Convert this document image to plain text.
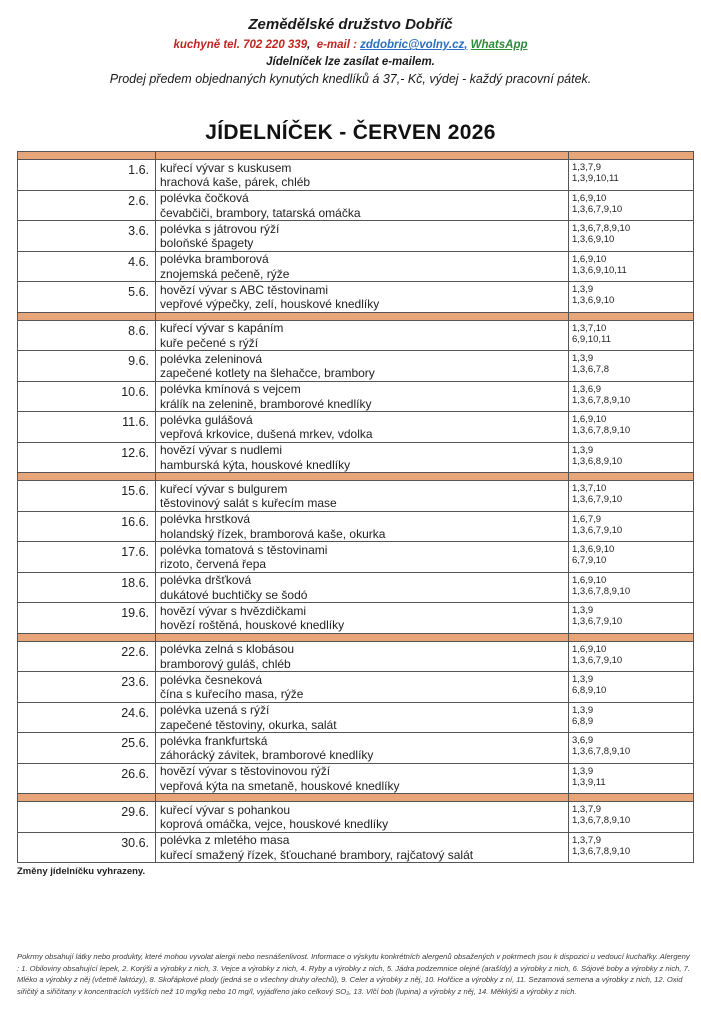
Zemědělské družstvo Dobříč
kuchyně tel. 702 220 339,  e-mail : zddobric@volny.cz, WhatsApp
Jídelníček lze zasílat e-mailem.
Prodej předem objednaných kynutých knedlíků á 37,- Kč, výdej - každý pracovní pátek.
JÍDELNÍČEK - ČERVEN 2026

1.6.	kuřecí vývar s kuskusem
hrachová kaše, párek, chléb	1,3,7,9
1,3,9,10,11

2.6.	polévka čočková
čevabčiči, brambory, tatarská omáčka	1,6,9,10
1,3,6,7,9,10

3.6.	polévka s játrovou rýží
boloňské špagety	1,3,6,7,8,9,10
1,3,6,9,10

4.6.	polévka bramborová
znojemská pečeně, rýže	1,6,9,10
1,3,6,9,10,11

5.6.	hovězí vývar s ABC těstovinami
vepřové výpečky, zelí, houskové knedlíky	1,3,9
1,3,6,9,10

8.6.	kuřecí vývar s kapáním
kuře pečené s rýží	1,3,7,10
6,9,10,11

9.6.	polévka zeleninová
zapečené kotlety na šlehačce, brambory	1,3,9
1,3,6,7,8

10.6.	polévka kmínová s vejcem
králík na zelenině, bramborové knedlíky	1,3,6,9
1,3,6,7,8,9,10

11.6.	polévka gulášová
vepřová krkovice, dušená mrkev, vdolka	1,6,9,10
1,3,6,7,8,9,10

12.6.	hovězí vývar s nudlemi
hamburská kýta, houskové knedlíky	1,3,9
1,3,6,8,9,10

15.6.	kuřecí vývar s bulgurem
těstovinový salát s kuřecím mase	1,3,7,10
1,3,6,7,9,10

16.6.	polévka hrstková
holandský řízek, bramborová kaše, okurka	1,6,7,9
1,3,6,7,9,10

17.6.	polévka tomatová s těstovinami
rizoto, červená řepa	1,3,6,9,10
6,7,9,10

18.6.	polévka dršťková
dukátové buchtičky se šodó	1,6,9,10
1,3,6,7,8,9,10

19.6.	hovězí vývar s hvězdičkami
hovězí roštěná, houskové knedlíky	1,3,9
1,3,6,7,9,10

22.6.	polévka zelná s klobásou
bramborový guláš, chléb	1,6,9,10
1,3,6,7,9,10

23.6.	polévka česneková
čína s kuřecího masa, rýže	1,3,9
6,8,9,10

24.6.	polévka uzená s rýží
zapečené těstoviny, okurka, salát	1,3,9
6,8,9

25.6.	polévka frankfurtská
záhorácký závitek, bramborové knedlíky	3,6,9
1,3,6,7,8,9,10

26.6.	hovězí vývar s těstovinovou rýží
vepřová kýta na smetaně, houskové knedlíky	1,3,9
1,3,9,11

29.6.	kuřecí vývar s pohankou
koprová omáčka, vejce, houskové knedlíky	1,3,7,9
1,3,6,7,8,9,10

30.6.	polévka z mletého masa
kuřecí smažený řízek, šťouchané brambory, rajčatový salát	1,3,7,9
1,3,6,7,8,9,10
Změny jídelníčku vyhrazeny.
Pokrmy obsahují látky nebo produkty, které mohou vyvolat alergii nebo nesnášenlivost. Informace o výskytu konkrétních alergenů obsažených v pokrmech jsou k dispozici u vedoucí kuchařky. Alergeny : 1. Obiloviny obsahující lepek, 2. Korýši a výrobky z nich, 3. Vejce a výrobky z nich, 4. Ryby a výrobky z nich, 5. Jádra podzemnice olejné (arašídy) a výrobky z nich, 6. Sójové boby a výrobky z nich, 7. Mléko a výrobky z něj (včetně laktózy), 8. Skořápkové plody (jedná se o všechny druhy ořechů), 9. Celer a výrobky z něj, 10. Hořčice a výrobky z ní, 11. Sezamová semena a výrobky z nich, 12. Oxid siřičitý a siřičitany v koncentracích vyšších než 10 mg/kg nebo 10 mg/l, vyjádřeno jako celkový SO₂, 13. Vlčí bob (lupina) a výrobky z něj, 14. Měkkýši a výrobky z nich.
